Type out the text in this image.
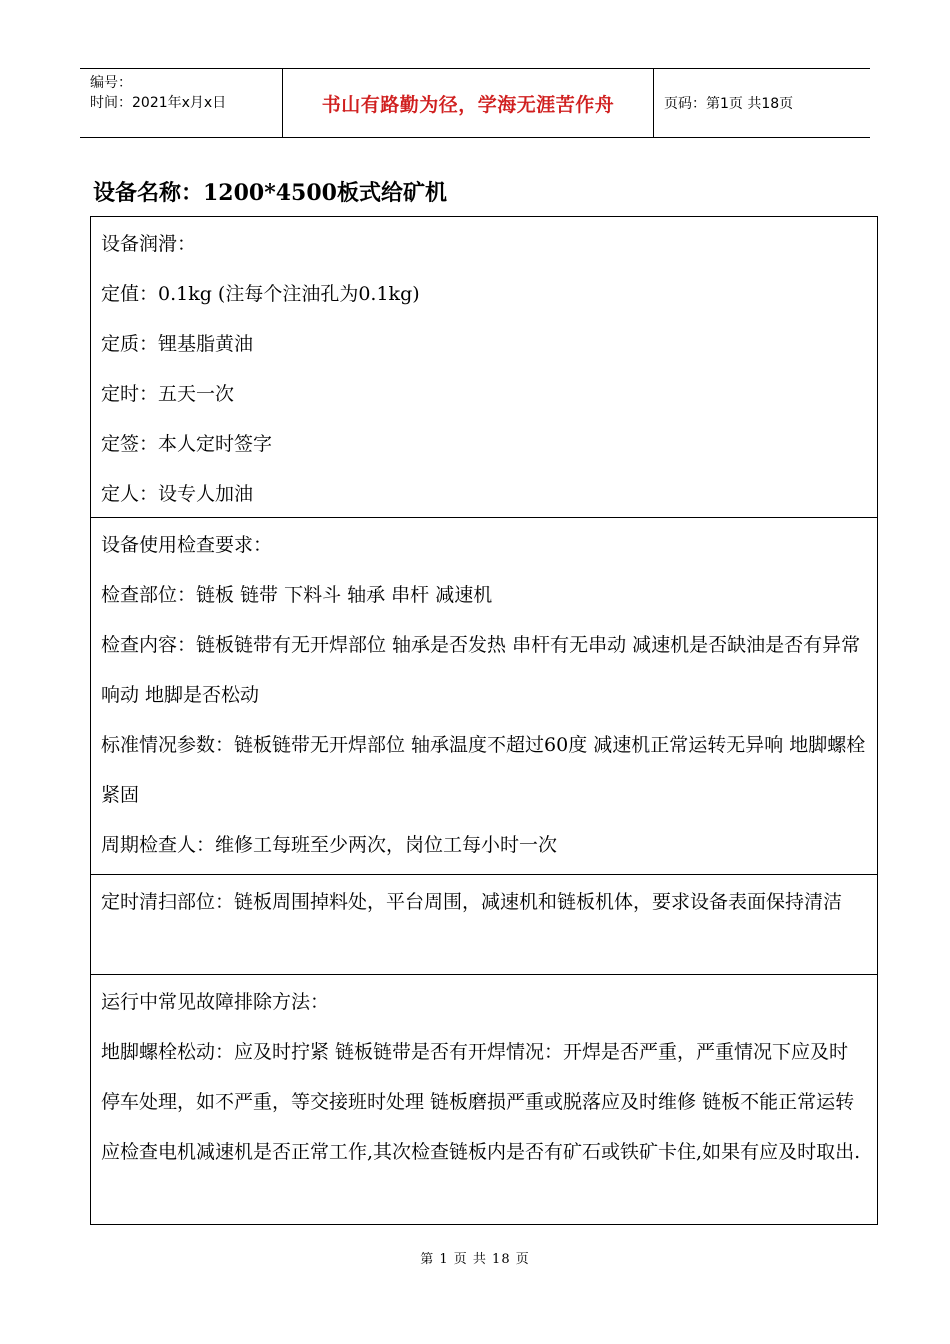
编号：
时间：2021年x月x日	书山有路勤为径，学海无涯苦作舟	页码：第1页 共18页
设备名称：1200*4500板式给矿机

设备润滑：

定值：0.1kg (注每个注油孔为0.1kg)

定质：锂基脂黄油

定时：五天一次

定签：本人定时签字

定人：设专人加油

设备使用检查要求：

检查部位：链板 链带 下料斗 轴承 串杆 减速机

检查内容：链板链带有无开焊部位 轴承是否发热 串杆有无串动 减速机是否缺油是否有异常响动 地脚是否松动

标准情况参数：链板链带无开焊部位 轴承温度不超过60度 减速机正常运转无异响 地脚螺栓紧固

周期检查人：维修工每班至少两次，岗位工每小时一次

定时清扫部位：链板周围掉料处，平台周围，减速机和链板机体，要求设备表面保持清洁

运行中常见故障排除方法：

地脚螺栓松动：应及时拧紧 链板链带是否有开焊情况：开焊是否严重，严重情况下应及时停车处理，如不严重，等交接班时处理 链板磨损严重或脱落应及时维修 链板不能正常运转应检查电机减速机是否正常工作,其次检查链板内是否有矿石或铁矿卡住,如果有应及时取出.

第 1 页 共 18 页
